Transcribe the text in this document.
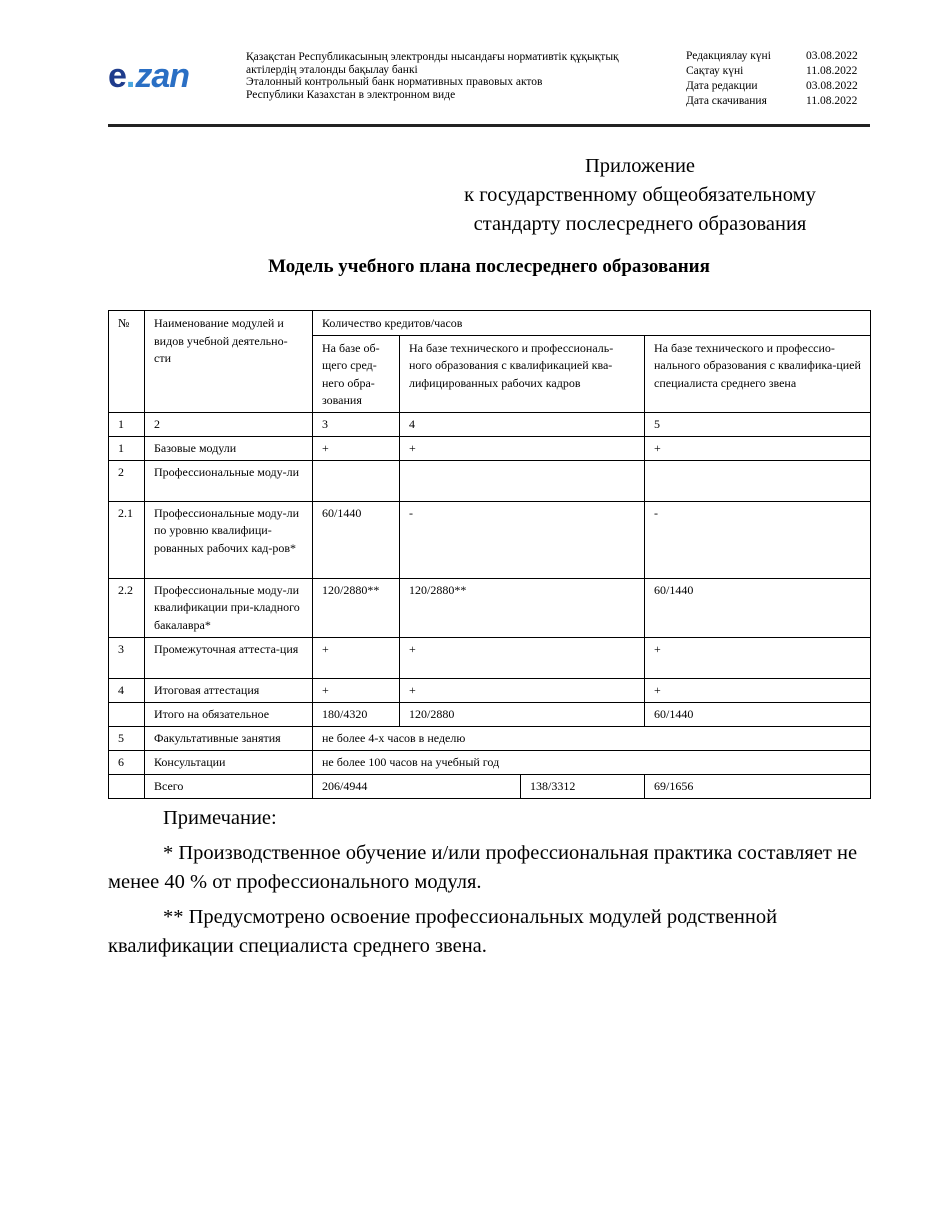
e . zan	Қазақстан Республикасының электронды нысандағы нормативтік құқықтық
актілердің эталонды бақылау банкі
Эталонный контрольный банк нормативных правовых актов
Республики Казахстан в электронном виде
Редакциялау күні	03.08.2022
Сақтау күні	11.08.2022
Дата редакции	03.08.2022
Дата скачивания	11.08.2022
Приложение
к государственному общеобязательному
стандарту послесреднего образования
Модель учебного плана послесреднего образования
№	Наименование модулей и видов учебной деятельно-сти	Количество кредитов/часов			
		На базе об-щего сред-него обра-зования	На базе технического и профессиональ-ного образования с квалификацией ква-лифицированных рабочих кадров		На базе технического и профессио-нального образования с квалифика-цией специалиста среднего звена
1	2	3	4		5
1	Базовые модули	+	+		+
2	Профессиональные моду-ли				
2.1	Профессиональные моду-ли по уровню квалифици-рованных рабочих кад-ров*	60/1440	-		-
2.2	Профессиональные моду-ли квалификации при-кладного бакалавра*	120/2880**	120/2880**		60/1440
3	Промежуточная аттеста-ция	+	+		+
4	Итоговая аттестация	+	+		+
	Итого на обязательное	180/4320	120/2880		60/1440
5	Факультативные занятия	не более 4-х часов в неделю			
6	Консультации	не более 100 часов на учебный год			
	Всего	206/4944		138/3312	69/1656

Примечание:

* Производственное обучение и/или профессиональная практика составляет не менее 40 % от профессионального модуля.

** Предусмотрено освоение профессиональных модулей родственной квалификации специалиста среднего звена.
